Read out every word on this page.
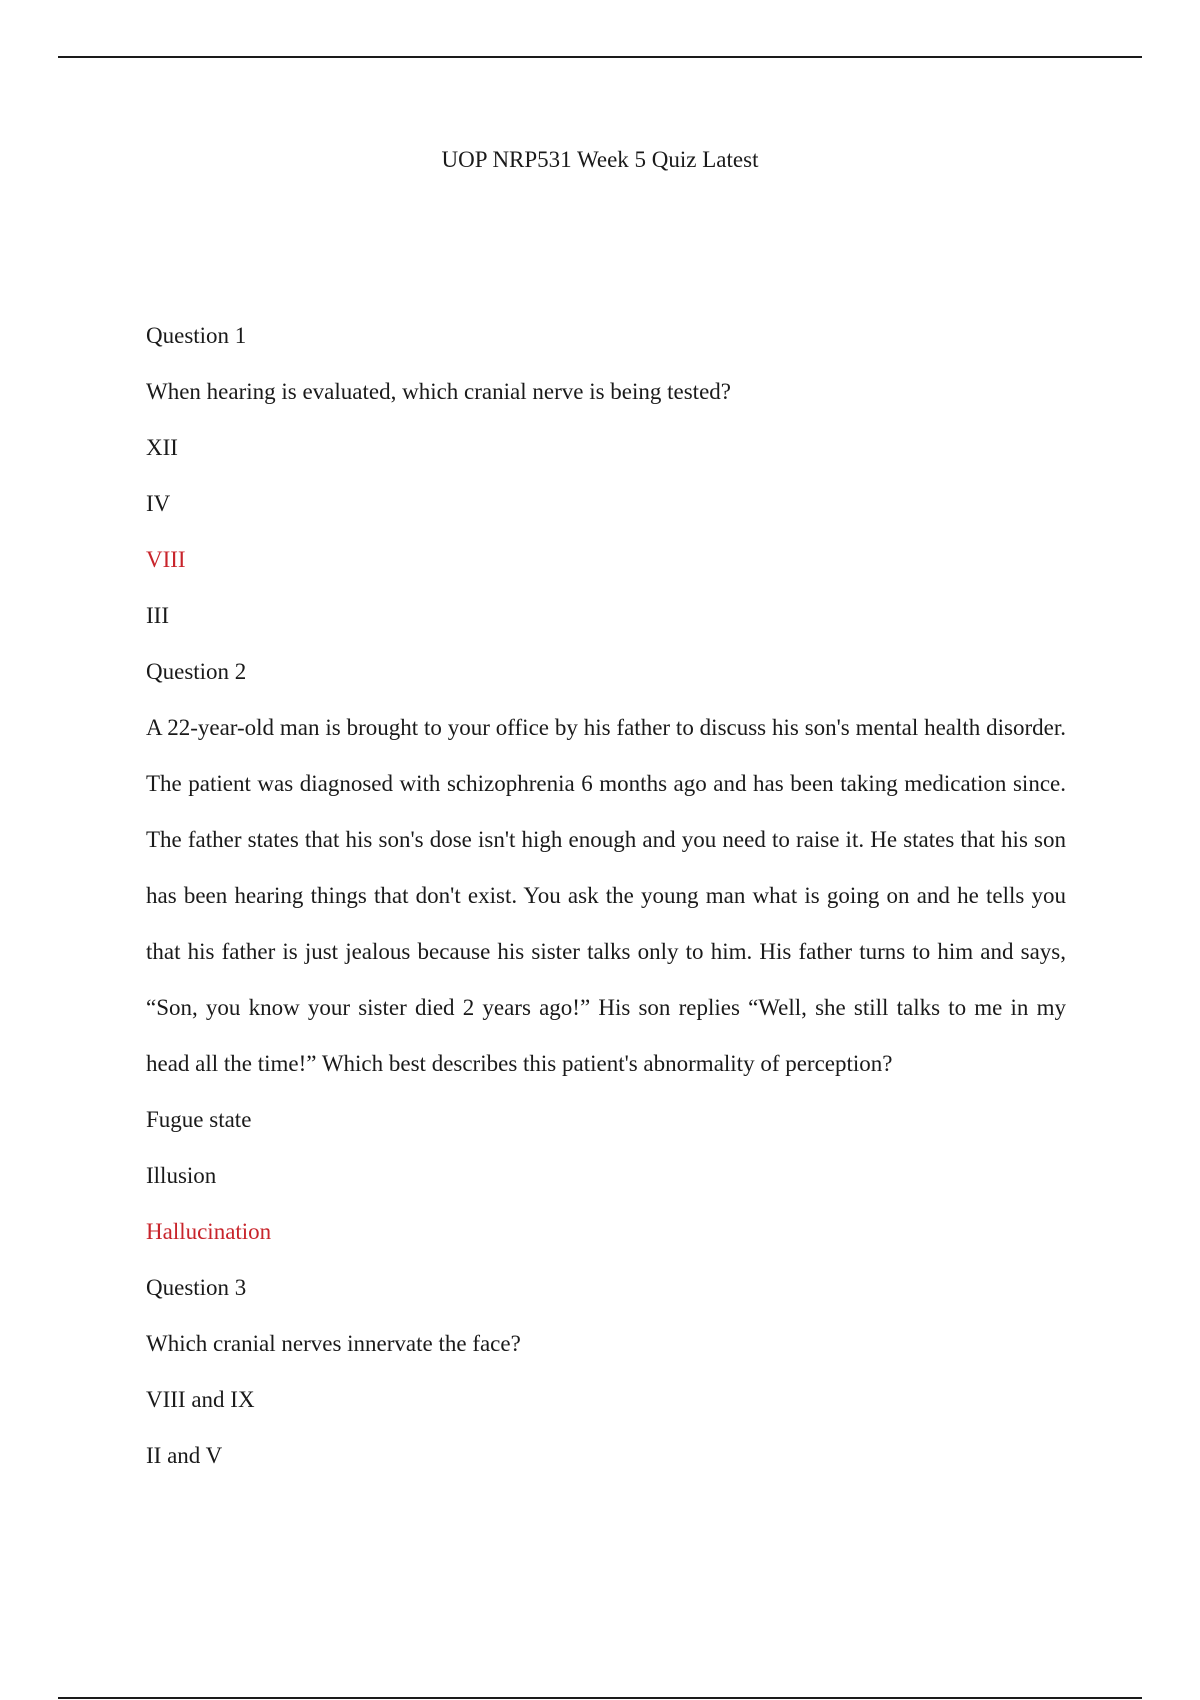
UOP NRP531 Week 5 Quiz Latest
Question 1
When hearing is evaluated, which cranial nerve is being tested?
XII
IV
VIII
III
Question 2
A 22-year-old man is brought to your office by his father to discuss his son's mental health disorder. The patient was diagnosed with schizophrenia 6 months ago and has been taking medication since. The father states that his son's dose isn't high enough and you need to raise it. He states that his son has been hearing things that don't exist. You ask the young man what is going on and he tells you that his father is just jealous because his sister talks only to him. His father turns to him and says, “Son, you know your sister died 2 years ago!” His son replies “Well, she still talks to me in my head all the time!” Which best describes this patient's abnormality of perception?
Fugue state
Illusion
Hallucination
Question 3
Which cranial nerves innervate the face?
VIII and IX
II and V
